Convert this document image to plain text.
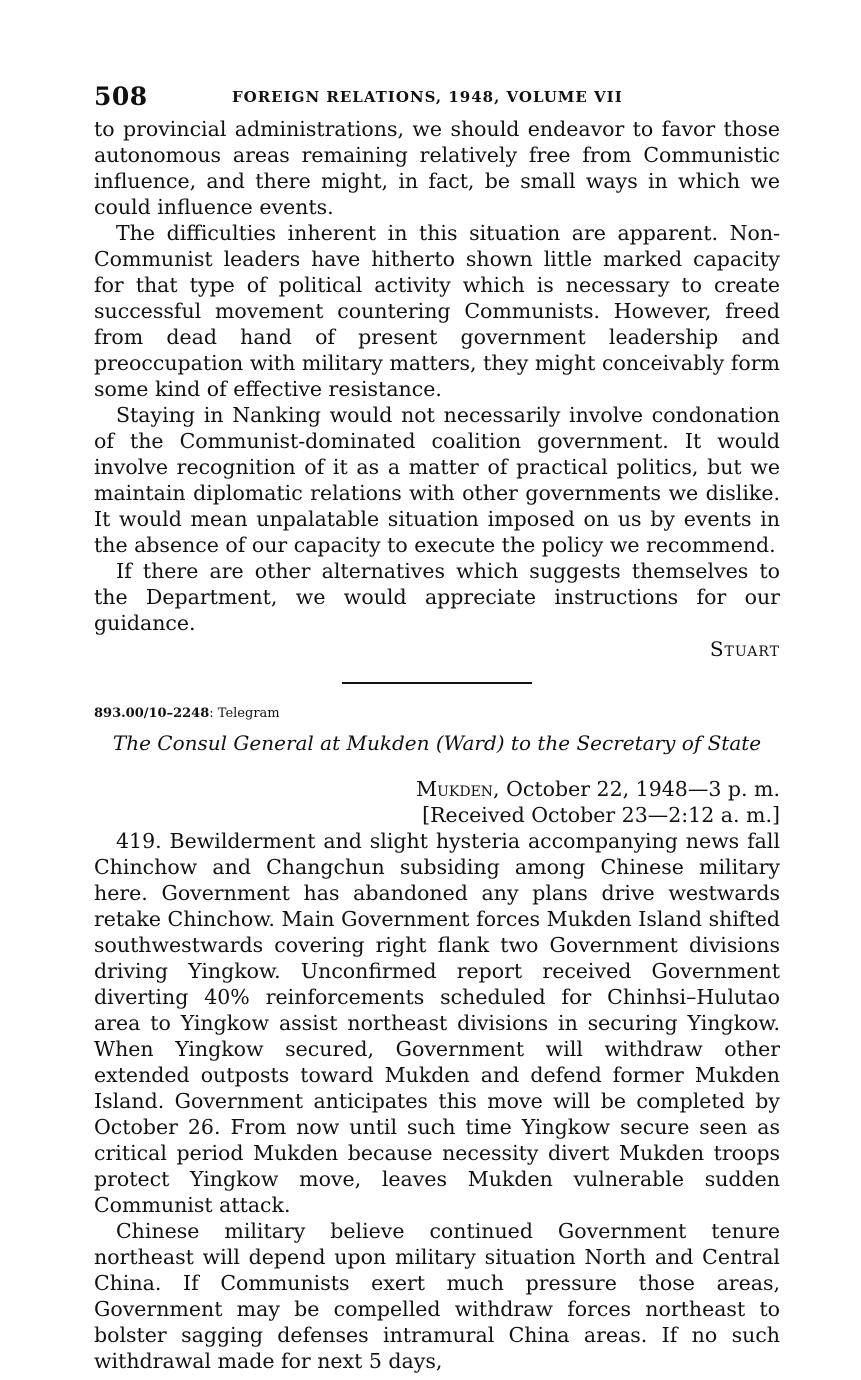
508	FOREIGN RELATIONS, 1948, VOLUME VII

to provincial administrations, we should endeavor to favor those autonomous areas remaining relatively free from Communistic influence, and there might, in fact, be small ways in which we could influence events.

The difficulties inherent in this situation are apparent. Non-Communist leaders have hitherto shown little marked capacity for that type of political activity which is necessary to create successful movement countering Communists. However, freed from dead hand of present government leadership and preoccupation with military matters, they might conceivably form some kind of effective resistance.

Staying in Nanking would not necessarily involve condonation of the Communist-dominated coalition government. It would involve recognition of it as a matter of practical politics, but we maintain diplomatic relations with other governments we dislike. It would mean unpalatable situation imposed on us by events in the absence of our capacity to execute the policy we recommend.

If there are other alternatives which suggests themselves to the Department, we would appreciate instructions for our guidance.

Stuart

893.00/10–2248: Telegram

The Consul General at Mukden (Ward) to the Secretary of State

Mukden, October 22, 1948—3 p. m.

[Received October 23—2:12 a. m.]

419. Bewilderment and slight hysteria accompanying news fall Chinchow and Changchun subsiding among Chinese military here. Government has abandoned any plans drive westwards retake Chinchow. Main Government forces Mukden Island shifted southwestwards covering right flank two Government divisions driving Yingkow. Unconfirmed report received Government diverting 40% reinforcements scheduled for Chinhsi–Hulutao area to Yingkow assist northeast divisions in securing Yingkow. When Yingkow secured, Government will withdraw other extended outposts toward Mukden and defend former Mukden Island. Government anticipates this move will be completed by October 26. From now until such time Yingkow secure seen as critical period Mukden because necessity divert Mukden troops protect Yingkow move, leaves Mukden vulnerable sudden Communist attack.

Chinese military believe continued Government tenure northeast will depend upon military situation North and Central China. If Communists exert much pressure those areas, Government may be compelled withdraw forces northeast to bolster sagging defenses intramural China areas. If no such withdrawal made for next 5 days,
